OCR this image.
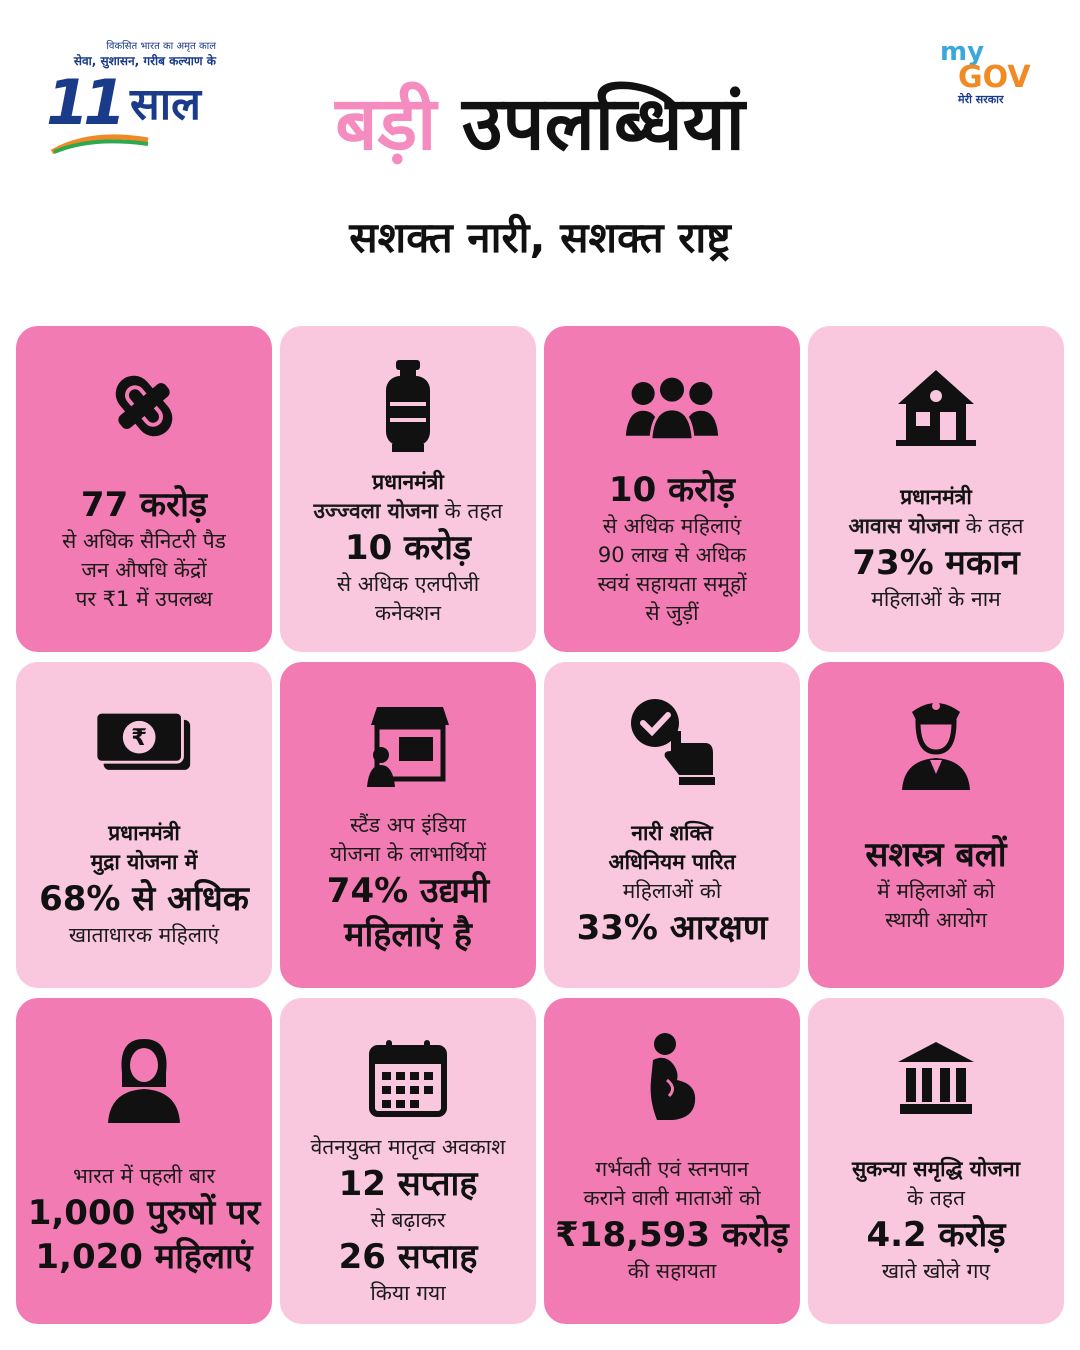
विकसित भारत का अमृत काल
सेवा, सुशासन, गरीब कल्याण के
11 साल	बड़ी उपलब्धियां
my
GOV
मेरी सरकार
सशक्त नारी, सशक्त राष्ट्र
77 करोड़
से अधिक सैनिटरी पैड
जन औषधि केंद्रों
पर ₹1 में उपलब्ध
प्रधानमंत्री
उज्ज्वला योजना के तहत
10 करोड़
से अधिक एलपीजी
कनेक्शन
10 करोड़
से अधिक महिलाएं
90 लाख से अधिक
स्वयं सहायता समूहों
से जुड़ीं
प्रधानमंत्री
आवास योजना के तहत
73% मकान
महिलाओं के नाम
₹
प्रधानमंत्री
मुद्रा योजना में
68% से अधिक
खाताधारक महिलाएं
स्टैंड अप इंडिया
योजना के लाभार्थियों
74% उद्यमी
महिलाएं है
नारी शक्ति
अधिनियम पारित
महिलाओं को
33% आरक्षण
सशस्त्र बलों
में महिलाओं को
स्थायी आयोग
भारत में पहली बार
1,000 पुरुषों पर
1,020 महिलाएं
वेतनयुक्त मातृत्व अवकाश
12 सप्ताह
से बढ़ाकर
26 सप्ताह
किया गया
गर्भवती एवं स्तनपान
कराने वाली माताओं को
₹18,593 करोड़
की सहायता
सुकन्या समृद्धि योजना
के तहत
4.2 करोड़
खाते खोले गए
